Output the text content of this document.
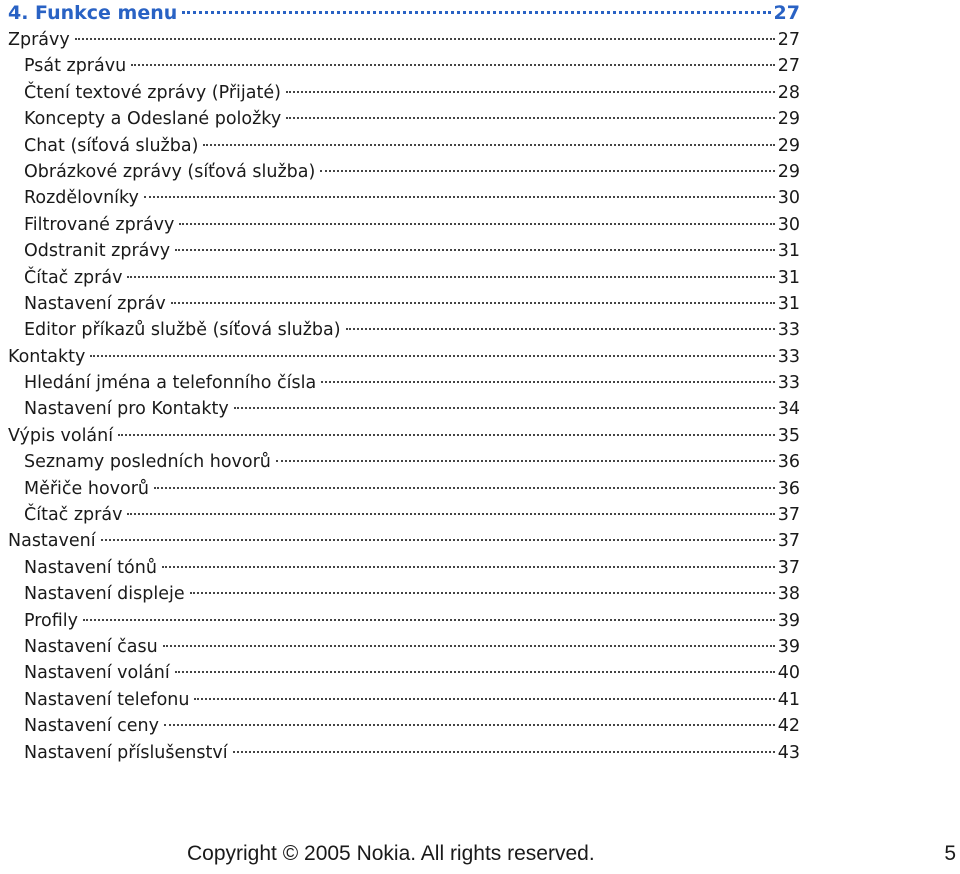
4. Funkce menu	27
Zprávy	27
Psát zprávu	27
Čtení textové zprávy (Přijaté)	28
Koncepty a Odeslané položky	29
Chat (síťová služba)	29
Obrázkové zprávy (síťová služba)	29
Rozdělovníky	30
Filtrované zprávy	30
Odstranit zprávy	31
Čítač zpráv	31
Nastavení zpráv	31
Editor příkazů službě (síťová služba)	33
Kontakty	33
Hledání jména a telefonního čísla	33
Nastavení pro Kontakty	34
Výpis volání	35
Seznamy posledních hovorů	36
Měřiče hovorů	36
Čítač zpráv	37
Nastavení	37
Nastavení tónů	37
Nastavení displeje	38
Profily	39
Nastavení času	39
Nastavení volání	40
Nastavení telefonu	41
Nastavení ceny	42
Nastavení příslušenství	43
Copyright © 2005 Nokia. All rights reserved.	5
